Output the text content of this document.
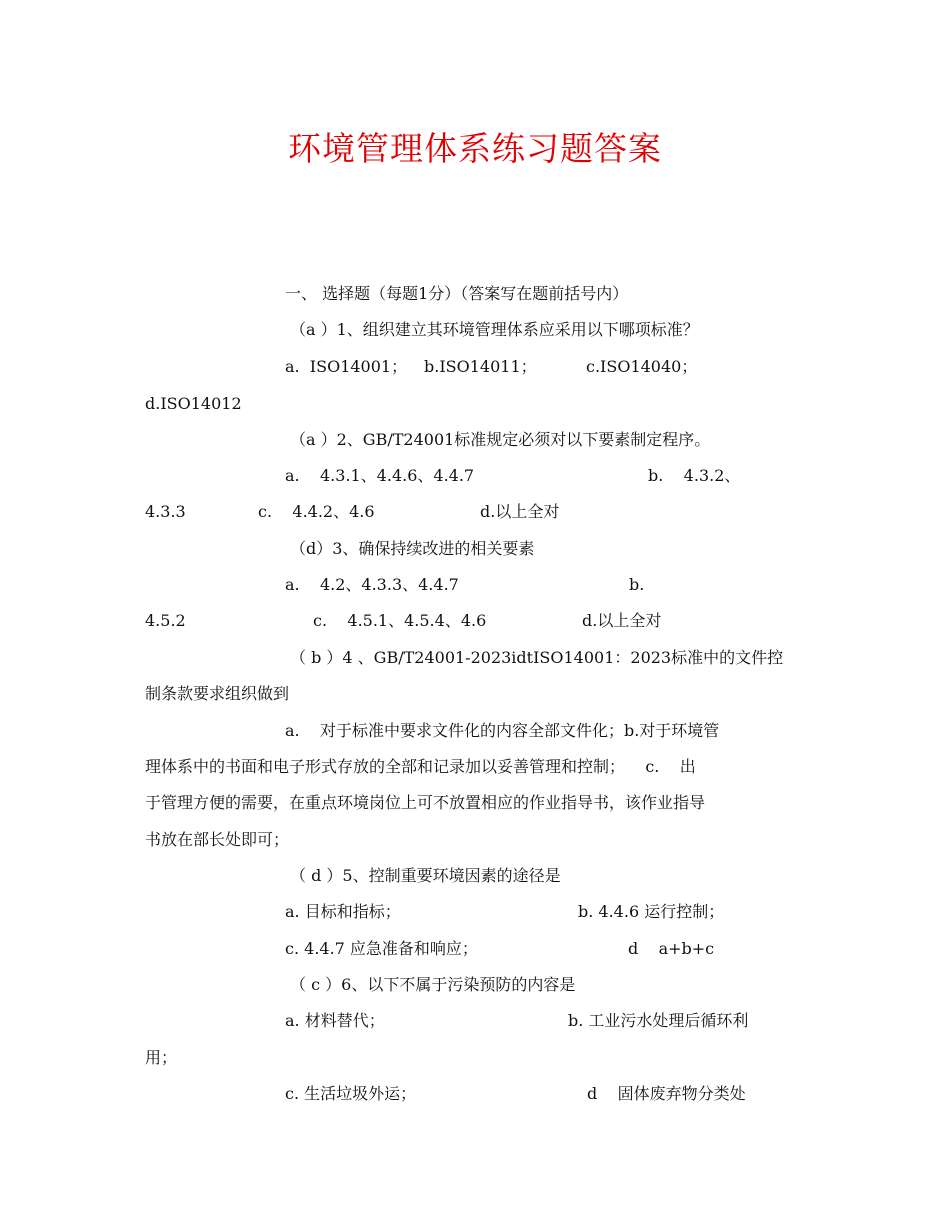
环境管理体系练习题答案
一、 选择题（每题1分）（答案写在题前括号内）
（a ）1、组织建立其环境管理体系应采用以下哪项标准？
a.  ISO14001； b.ISO14011；	c.ISO14040；
d.ISO14012
（a ）2、GB/T24001标准规定必须对以下要素制定程序。
a.    4.3.1、4.4.6、4.4.7	b.    4.3.2、
4.3.3	c.    4.4.2、4.6	d.以上全对
（d）3、确保持续改进的相关要素
a.    4.2、4.3.3、4.4.7	b.
4.5.2	c.    4.5.1、4.5.4、4.6	d.以上全对
（ b ）4 、GB/T24001-2023idtISO14001：2023标准中的文件控
制条款要求组织做到
a.    对于标准中要求文件化的内容全部文件化；b.对于环境管
理体系中的书面和电子形式存放的全部和记录加以妥善管理和控制；    c.    出
于管理方便的需要，在重点环境岗位上可不放置相应的作业指导书，该作业指导
书放在部长处即可；
（ d ）5、控制重要环境因素的途径是
a. 目标和指标；	b. 4.4.6 运行控制；
c. 4.4.7 应急准备和响应；	d    a+b+c
（ c ）6、以下不属于污染预防的内容是
a. 材料替代；	b. 工业污水处理后循环利
用；
c. 生活垃圾外运；	d    固体废弃物分类处
